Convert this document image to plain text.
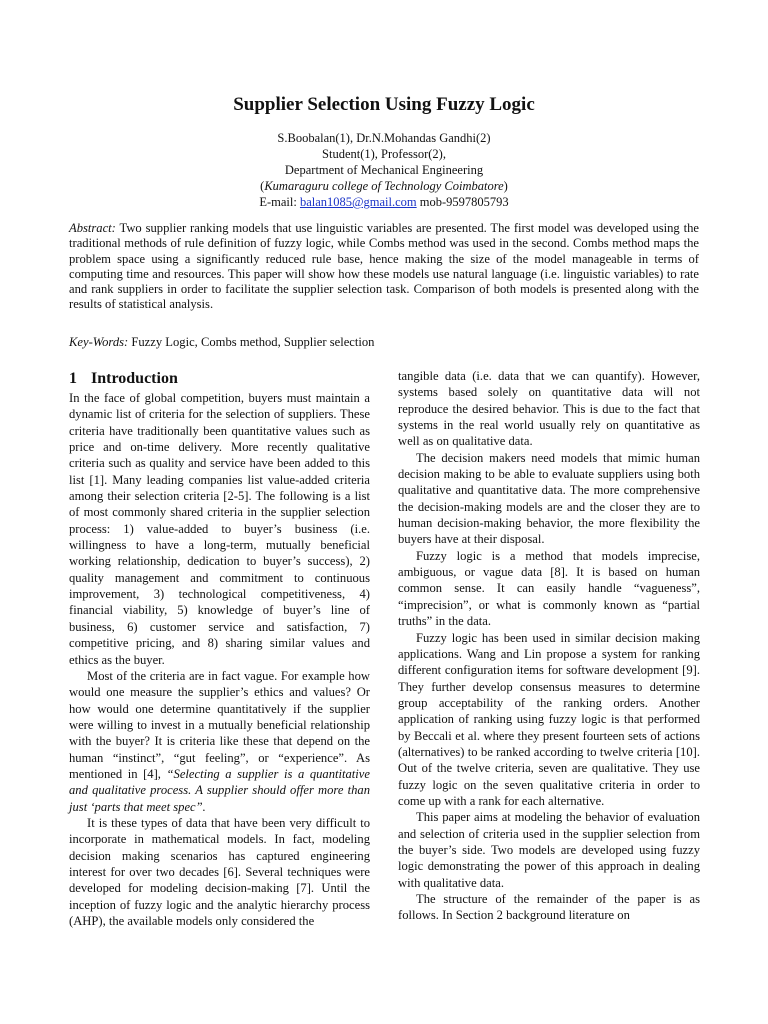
Supplier Selection Using Fuzzy Logic
S.Boobalan(1), Dr.N.Mohandas Gandhi(2)
Student(1), Professor(2),
Department of Mechanical Engineering
(Kumaraguru college of Technology Coimbatore)
E-mail: balan1085@gmail.com mob-9597805793
Abstract: Two supplier ranking models that use linguistic variables are presented. The first model was developed using the traditional methods of rule definition of fuzzy logic, while Combs method was used in the second. Combs method maps the problem space using a significantly reduced rule base, hence making the size of the model manageable in terms of computing time and resources. This paper will show how these models use natural language (i.e. linguistic variables) to rate and rank suppliers in order to facilitate the supplier selection task. Comparison of both models is presented along with the results of statistical analysis.
Key-Words: Fuzzy Logic, Combs method, Supplier selection
1 Introduction

In the face of global competition, buyers must maintain a dynamic list of criteria for the selection of suppliers. These criteria have traditionally been quantitative values such as price and on-time delivery. More recently qualitative criteria such as quality and service have been added to this list [1]. Many leading companies list value-added criteria among their selection criteria [2-5]. The following is a list of most commonly shared criteria in the supplier selection process: 1) value-added to buyer’s business (i.e. willingness to have a long-term, mutually beneficial working relationship, dedication to buyer’s success), 2) quality management and commitment to continuous improvement, 3) technological competitiveness, 4) financial viability, 5) knowledge of buyer’s line of business, 6) customer service and satisfaction, 7) competitive pricing, and 8) sharing similar values and ethics as the buyer.

Most of the criteria are in fact vague. For example how would one measure the supplier’s ethics and values? Or how would one determine quantitatively if the supplier were willing to invest in a mutually beneficial relationship with the buyer? It is criteria like these that depend on the human “instinct”, “gut feeling”, or “experience”. As mentioned in [4], “Selecting a supplier is a quantitative and qualitative process. A supplier should offer more than just ‘parts that meet spec”.

It is these types of data that have been very difficult to incorporate in mathematical models. In fact, modeling decision making scenarios has captured engineering interest for over two decades [6]. Several techniques were developed for modeling decision-making [7]. Until the inception of fuzzy logic and the analytic hierarchy process (AHP), the available models only considered the

tangible data (i.e. data that we can quantify). However, systems based solely on quantitative data will not reproduce the desired behavior. This is due to the fact that systems in the real world usually rely on quantitative as well as on qualitative data.

The decision makers need models that mimic human decision making to be able to evaluate suppliers using both qualitative and quantitative data. The more comprehensive the decision-making models are and the closer they are to human decision-making behavior, the more flexibility the buyers have at their disposal.

Fuzzy logic is a method that models imprecise, ambiguous, or vague data [8]. It is based on human common sense. It can easily handle “vagueness”, “imprecision”, or what is commonly known as “partial truths” in the data.

Fuzzy logic has been used in similar decision making applications. Wang and Lin propose a system for ranking different configuration items for software development [9]. They further develop consensus measures to determine group acceptability of the ranking orders. Another application of ranking using fuzzy logic is that performed by Beccali et al. where they present fourteen sets of actions (alternatives) to be ranked according to twelve criteria [10]. Out of the twelve criteria, seven are qualitative. They use fuzzy logic on the seven qualitative criteria in order to come up with a rank for each alternative.

This paper aims at modeling the behavior of evaluation and selection of criteria used in the supplier selection from the buyer’s side. Two models are developed using fuzzy logic demonstrating the power of this approach in dealing with qualitative data.

The structure of the remainder of the paper is as follows. In Section 2 background literature on
